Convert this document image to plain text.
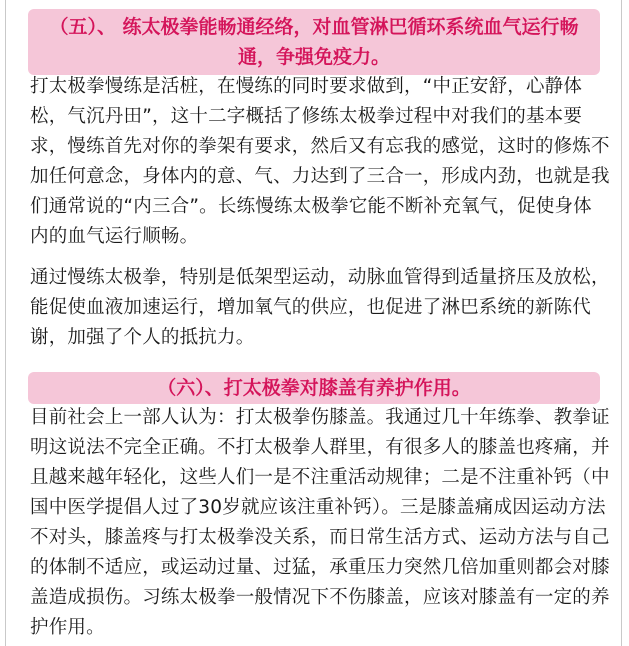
（五）、 练太极拳能畅通经络，对血管淋巴循环系统血气运行畅通，争强免疫力。

打太极拳慢练是活桩，在慢练的同时要求做到，“中正安舒，心静体松，气沉丹田”，这十二字概括了修练太极拳过程中对我们的基本要求，慢练首先对你的拳架有要求，然后又有忘我的感觉，这时的修炼不加任何意念，身体内的意、气、力达到了三合一，形成内劲，也就是我们通常说的“内三合”。长练慢练太极拳它能不断补充氧气，促使身体内的血气运行顺畅。

通过慢练太极拳，特别是低架型运动，动脉血管得到适量挤压及放松， 能促使血液加速运行，增加氧气的供应，也促进了淋巴系统的新陈代谢，加强了个人的抵抗力。

（六）、打太极拳对膝盖有养护作用。

目前社会上一部人认为：打太极拳伤膝盖。我通过几十年练拳、教拳证明这说法不完全正确。不打太极拳人群里，有很多人的膝盖也疼痛，并且越来越年轻化，这些人们一是不注重活动规律；二是不注重补钙（中国中医学提倡人过了30岁就应该注重补钙）。三是膝盖痛成因运动方法不对头，膝盖疼与打太极拳没关系，而日常生活方式、运动方法与自己的体制不适应，或运动过量、过猛，承重压力突然几倍加重则都会对膝盖造成损伤。习练太极拳一般情况下不伤膝盖，应该对膝盖有一定的养护作用。
